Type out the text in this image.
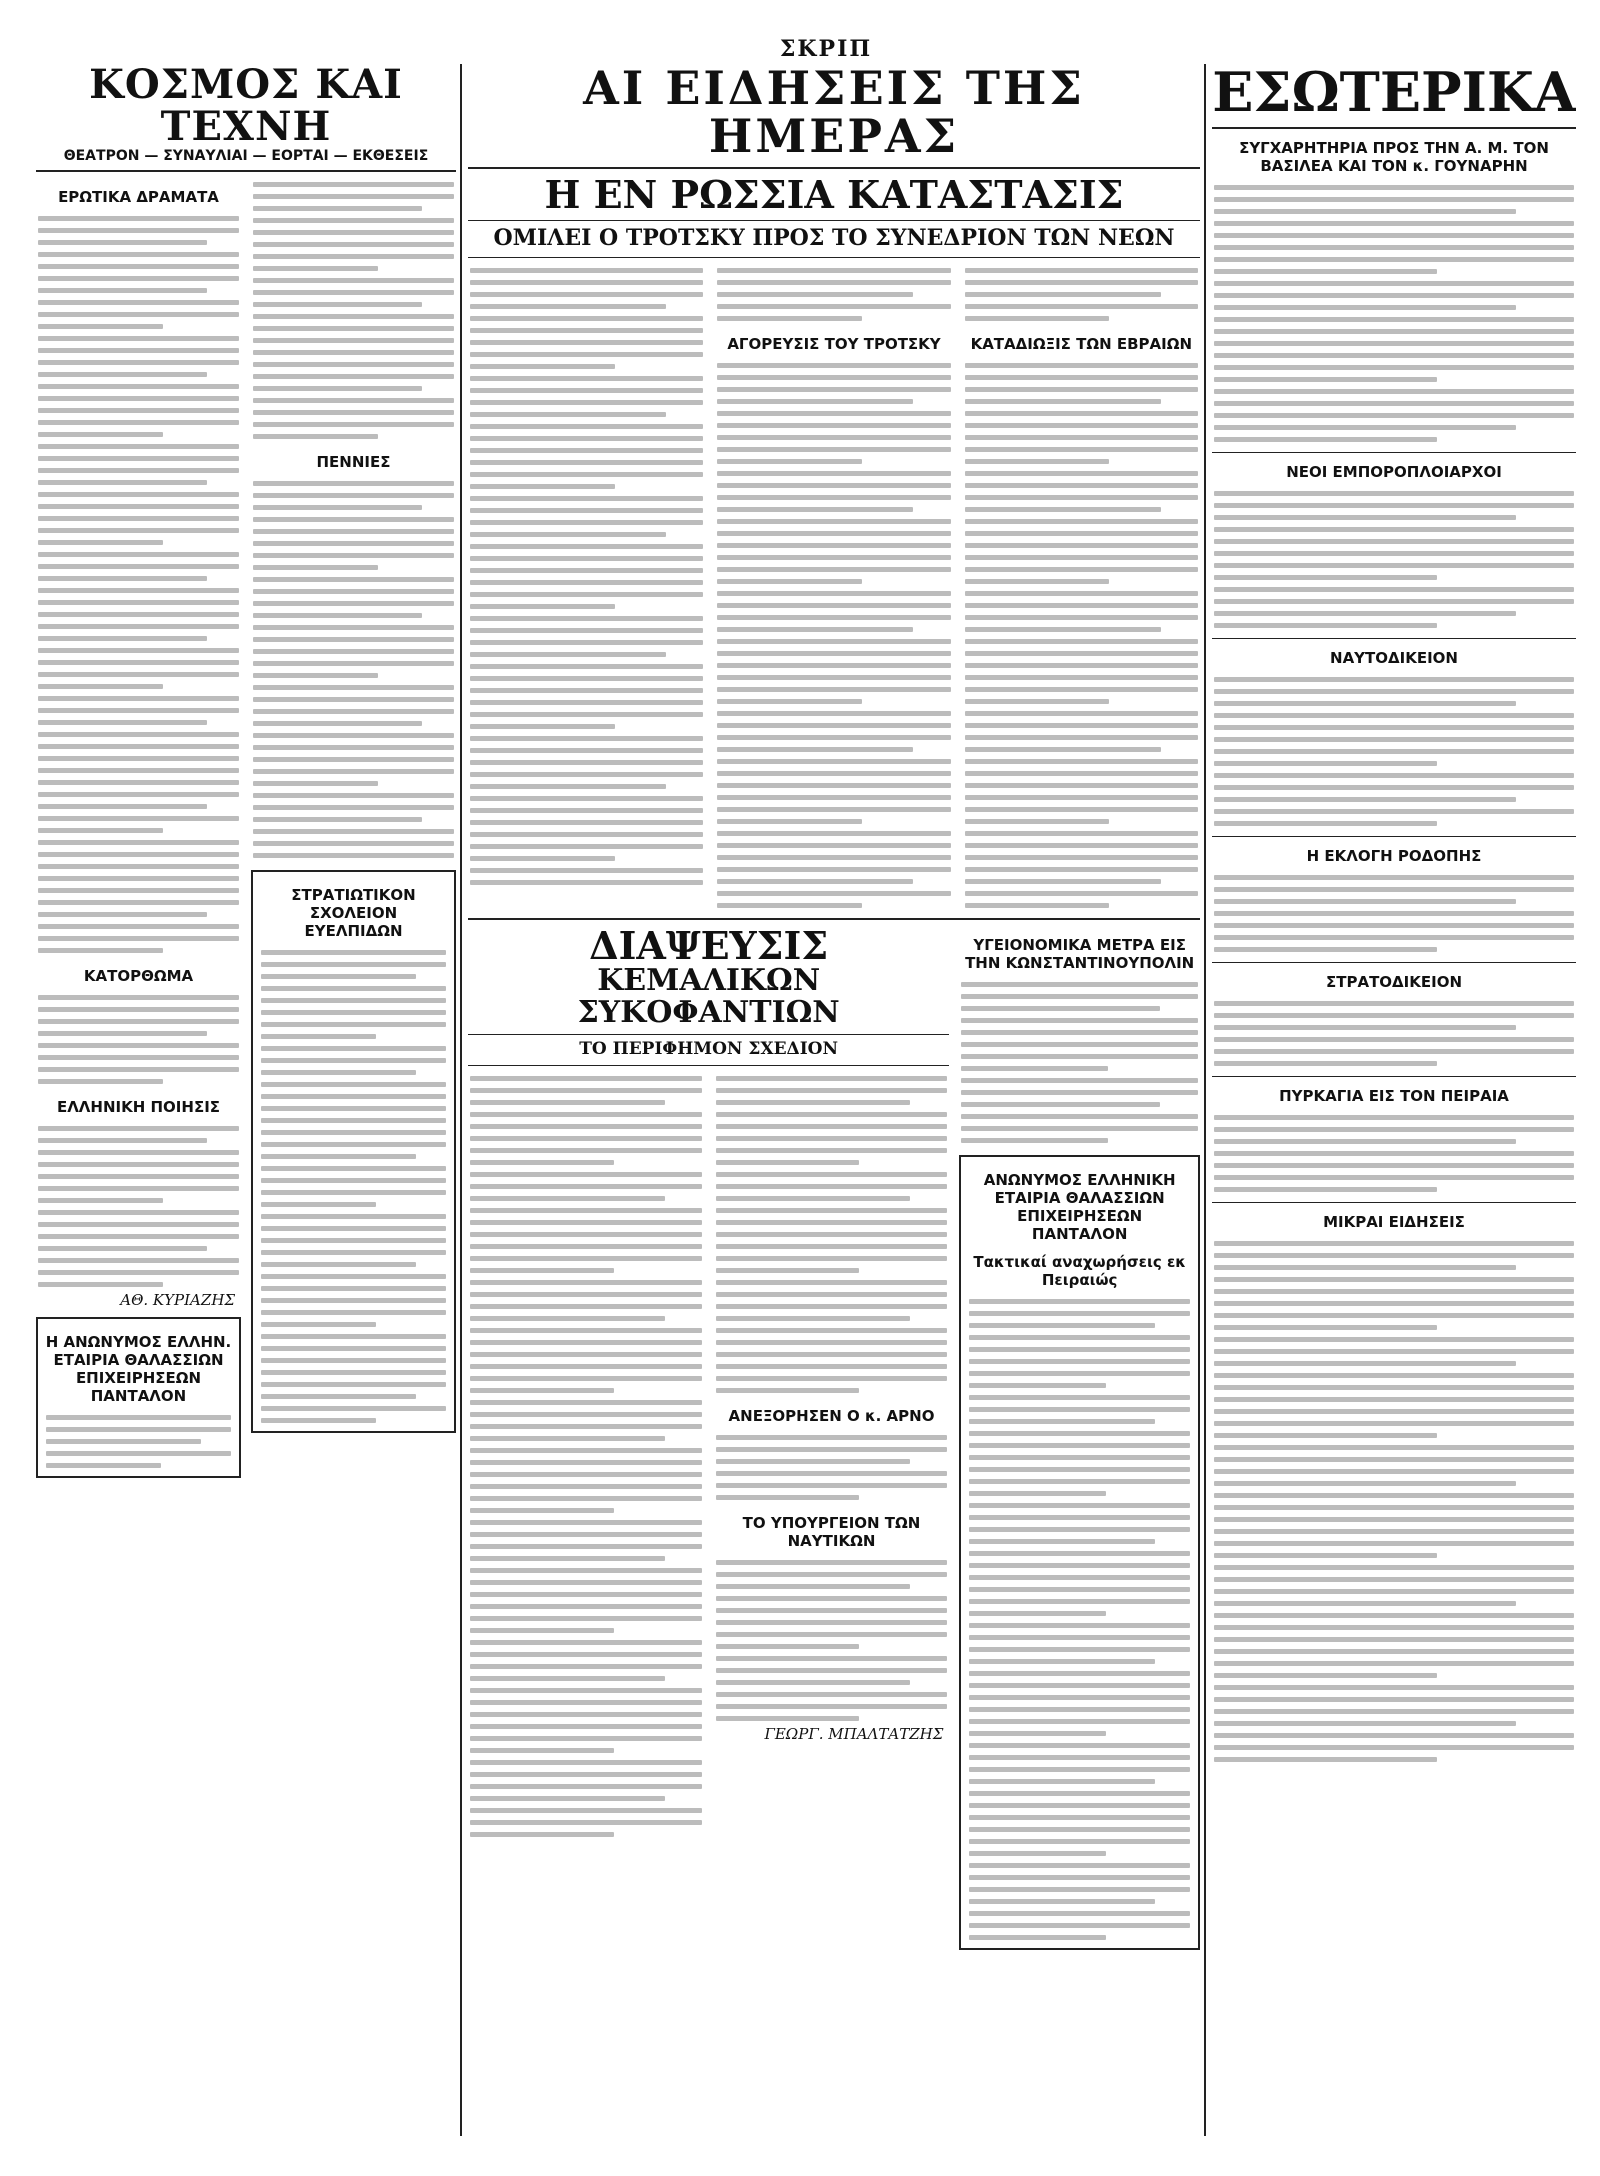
ΣΚΡΙΠ
ΚΟΣΜΟΣ ΚΑΙ ΤΕΧΝΗ
ΘΕΑΤΡΟΝ — ΣΥΝΑΥΛΙΑΙ — ΕΟΡΤΑΙ — ΕΚΘΕΣΕΙΣ
ΕΡΩΤΙΚΑ ΔΡΑΜΑΤΑ
ΚΑΤΟΡΘΩΜΑ
ΕΛΛΗΝΙΚΗ ΠΟΙΗΣΙΣ
ΑΘ. ΚΥΡΙΑΖΗΣ
Η ΑΝΩΝΥΜΟΣ ΕΛΛΗΝ. ΕΤΑΙΡΙΑ ΘΑΛΑΣΣΙΩΝ ΕΠΙΧΕΙΡΗΣΕΩΝ ΠΑΝΤΑΛΟΝ
ΠΕΝΝΙΕΣ
ΣΤΡΑΤΙΩΤΙΚΟΝ ΣΧΟΛΕΙΟΝ ΕΥΕΛΠΙΔΩΝ
ΑΙ ΕΙΔΗΣΕΙΣ ΤΗΣ ΗΜΕΡΑΣ
Η ΕΝ ΡΩΣΣΙΑ ΚΑΤΑΣΤΑΣΙΣ
ΟΜΙΛΕΙ Ο ΤΡΟΤΣΚΥ ΠΡΟΣ ΤΟ ΣΥΝΕΔΡΙΟΝ ΤΩΝ ΝΕΩΝ
ΑΓΟΡΕΥΣΙΣ ΤΟΥ ΤΡΟΤΣΚΥ	ΚΑΤΑΔΙΩΞΙΣ ΤΩΝ ΕΒΡΑΙΩΝ
ΔΙΑΨΕΥΣΙΣ
ΚΕΜΑΛΙΚΩΝ ΣΥΚΟΦΑΝΤΙΩΝ
ΤΟ ΠΕΡΙΦΗΜΟΝ ΣΧΕΔΙΟΝ
ΑΝΕΞΟΡΗΣΕΝ Ο κ. ΑΡΝΟ
ΤΟ ΥΠΟΥΡΓΕΙΟΝ ΤΩΝ ΝΑΥΤΙΚΩΝ
ΓΕΩΡΓ. ΜΠΑΛΤΑΤΖΗΣ
ΥΓΕΙΟΝΟΜΙΚΑ ΜΕΤΡΑ ΕΙΣ ΤΗΝ ΚΩΝΣΤΑΝΤΙΝΟΥΠΟΛΙΝ
ΑΝΩΝΥΜΟΣ ΕΛΛΗΝΙΚΗ ΕΤΑΙΡΙΑ ΘΑΛΑΣΣΙΩΝ ΕΠΙΧΕΙΡΗΣΕΩΝ ΠΑΝΤΑΛΟΝ
Τακτικαί αναχωρήσεις εκ Πειραιώς
ΕΣΩΤΕΡΙΚΑ
ΣΥΓΧΑΡΗΤΗΡΙΑ ΠΡΟΣ ΤΗΝ Α. Μ. ΤΟΝ ΒΑΣΙΛΕΑ ΚΑΙ ΤΟΝ κ. ΓΟΥΝΑΡΗΝ
ΝΕΟΙ ΕΜΠΟΡΟΠΛΟΙΑΡΧΟΙ
ΝΑΥΤΟΔΙΚΕΙΟΝ
Η ΕΚΛΟΓΗ ΡΟΔΟΠΗΣ
ΣΤΡΑΤΟΔΙΚΕΙΟΝ
ΠΥΡΚΑΓΙΑ ΕΙΣ ΤΟΝ ΠΕΙΡΑΙΑ
ΜΙΚΡΑΙ ΕΙΔΗΣΕΙΣ
